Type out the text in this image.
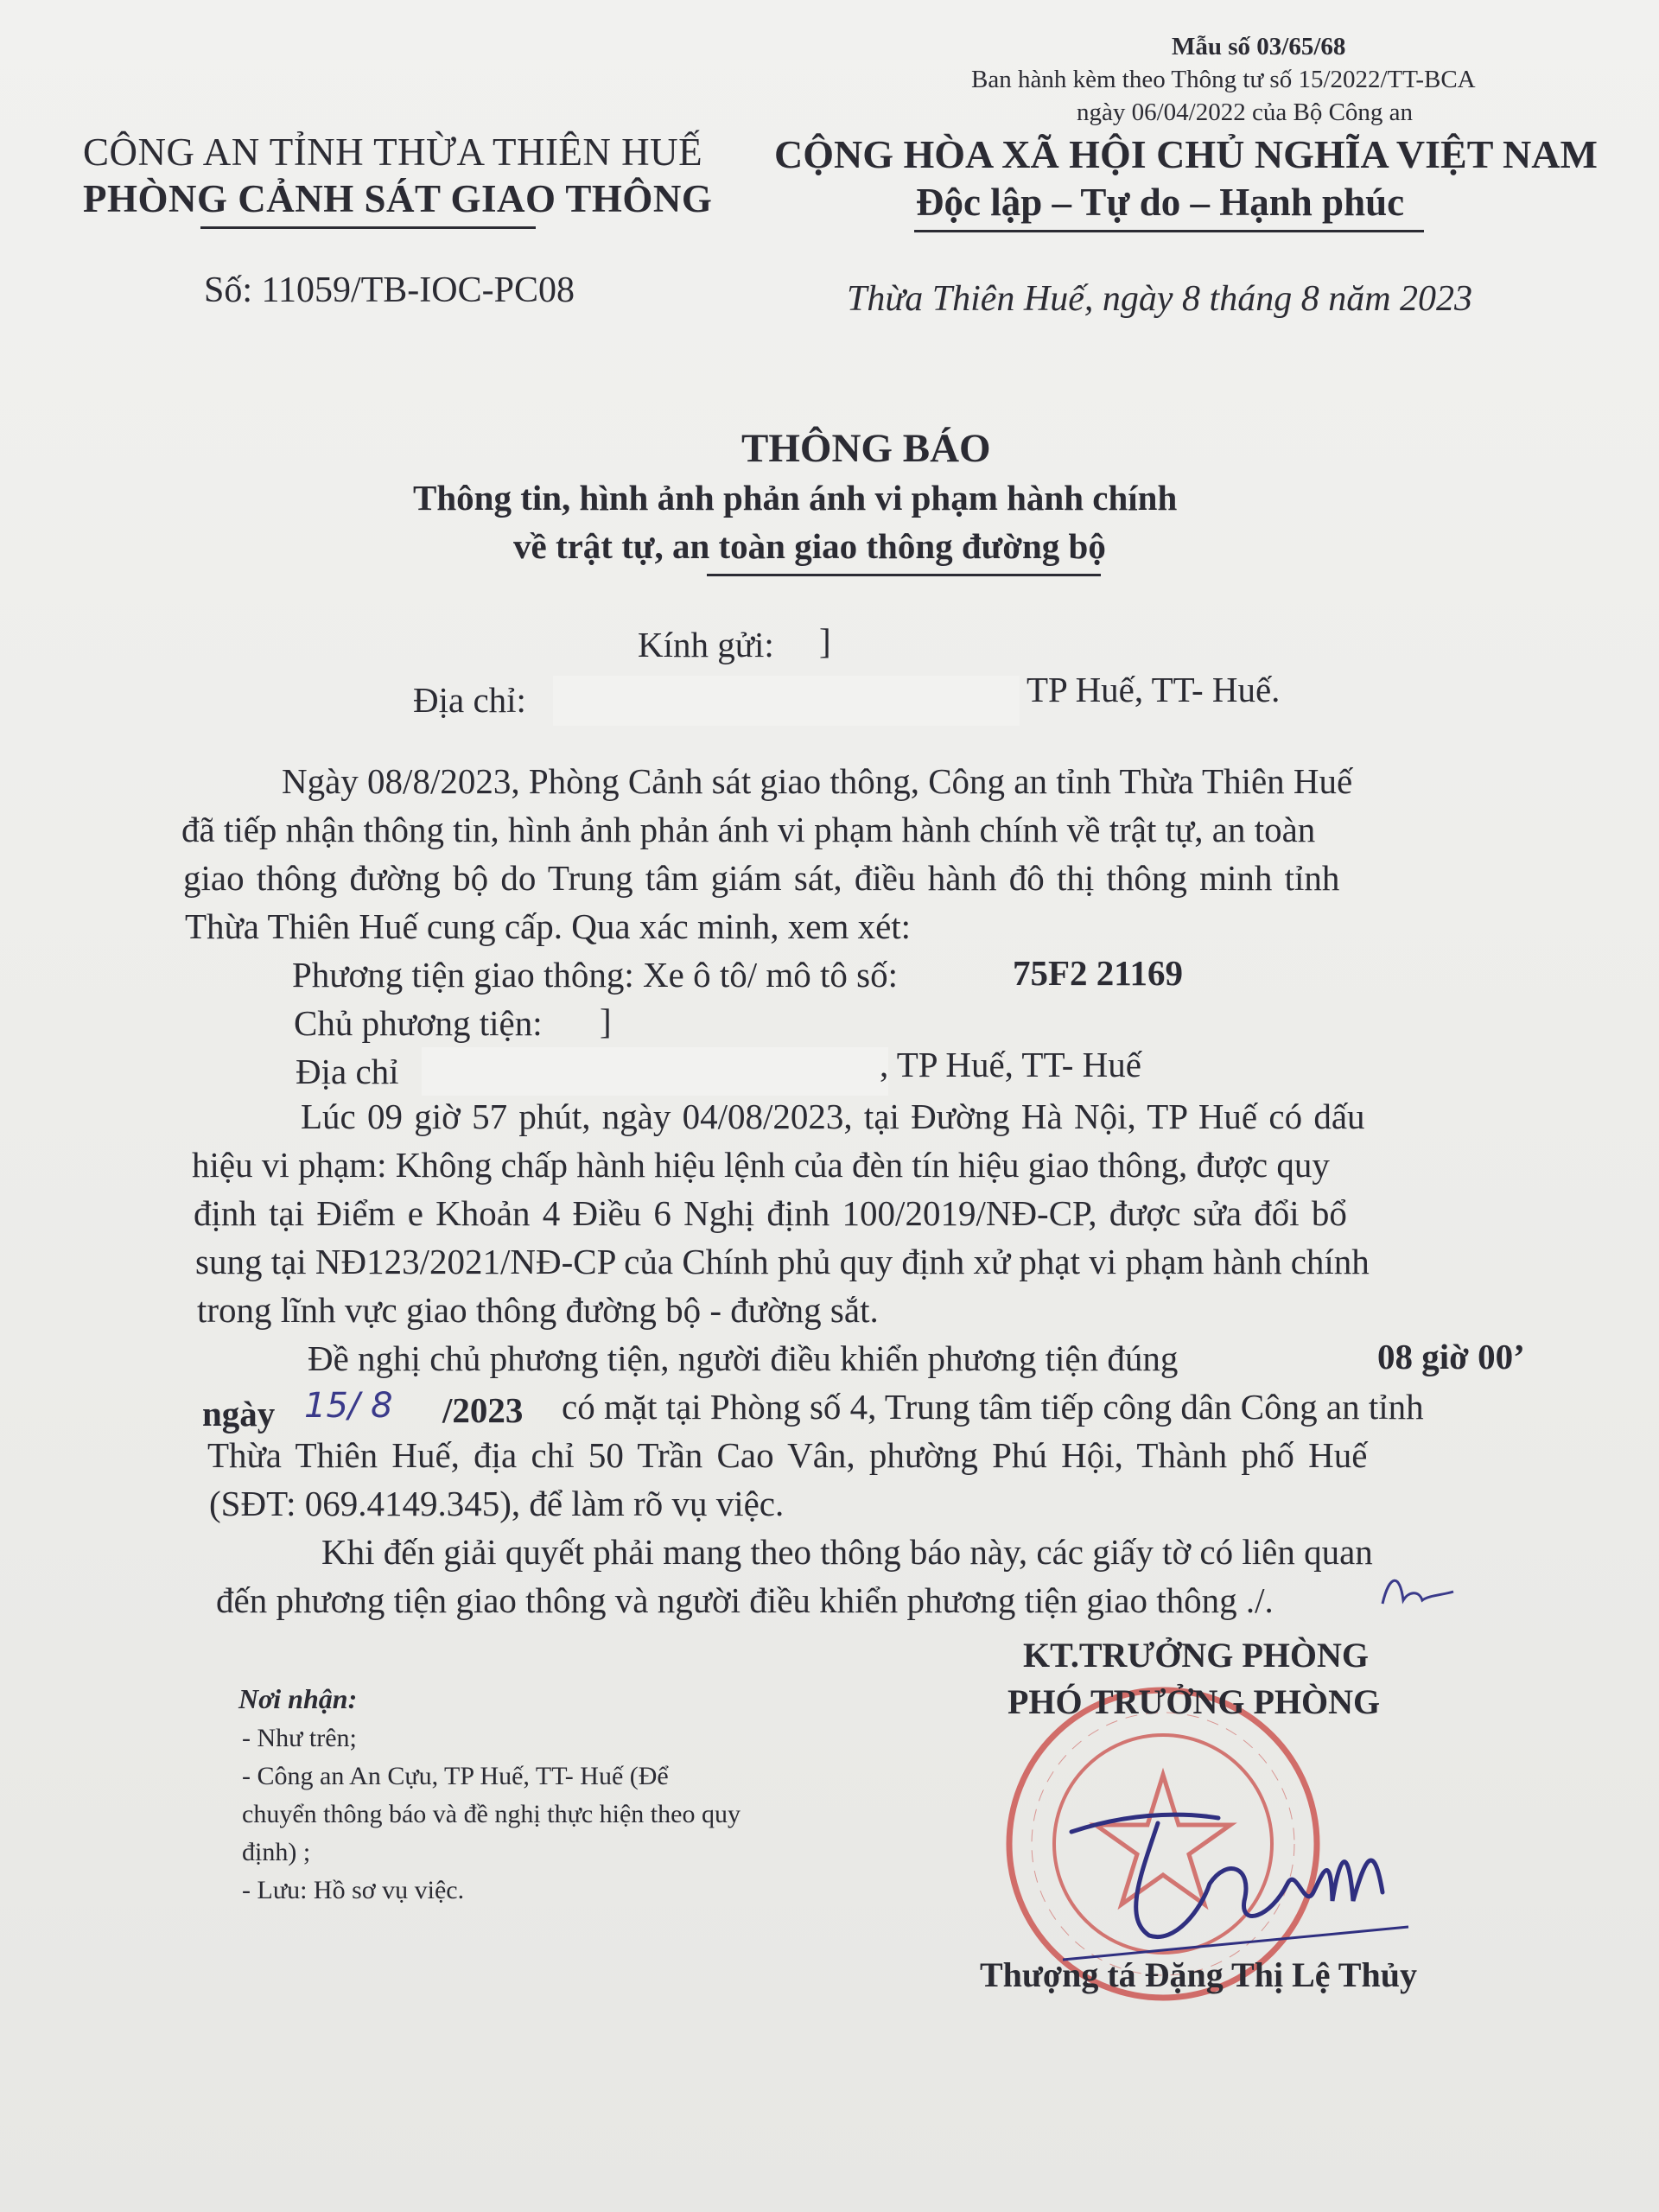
Mẫu số 03/65/68
Ban hành kèm theo Thông tư số 15/2022/TT-BCA
ngày 06/04/2022 của Bộ Công an
CÔNG AN TỈNH THỪA THIÊN HUẾ
PHÒNG CẢNH SÁT GIAO THÔNG
Số: 11059/TB-IOC-PC08
CỘNG HÒA XÃ HỘI CHỦ NGHĨA VIỆT NAM
Độc lập – Tự do – Hạnh phúc
Thừa Thiên Huế, ngày 8 tháng 8 năm 2023
THÔNG BÁO
Thông tin, hình ảnh phản ánh vi phạm hành chính
về trật tự, an toàn giao thông đường bộ
Kính gửi: ]
Địa chỉ:	TP Huế, TT- Huế.
Ngày 08/8/2023, Phòng Cảnh sát giao thông, Công an tỉnh Thừa Thiên Huế
đã tiếp nhận thông tin, hình ảnh phản ánh vi phạm hành chính về trật tự, an toàn
giao thông đường bộ do Trung tâm giám sát, điều hành đô thị thông minh tỉnh
Thừa Thiên Huế cung cấp. Qua xác minh, xem xét:
Phương tiện giao thông: Xe ô tô/ mô tô số:	75F2 21169
Chủ phương tiện: ]
Địa chỉ	, TP Huế, TT- Huế
Lúc 09 giờ 57 phút, ngày 04/08/2023, tại Đường Hà Nội, TP Huế có dấu
hiệu vi phạm: Không chấp hành hiệu lệnh của đèn tín hiệu giao thông, được quy
định tại Điểm e Khoản 4 Điều 6 Nghị định 100/2019/NĐ-CP, được sửa đổi bổ
sung tại NĐ123/2021/NĐ-CP của Chính phủ quy định xử phạt vi phạm hành chính
trong lĩnh vực giao thông đường bộ - đường sắt.
Đề nghị chủ phương tiện, người điều khiển phương tiện đúng	08 giờ 00’
ngày 15/ 8 /2023 có mặt tại Phòng số 4, Trung tâm tiếp công dân Công an tỉnh
Thừa Thiên Huế, địa chỉ 50 Trần Cao Vân, phường Phú Hội, Thành phố Huế
(SĐT: 069.4149.345), để làm rõ vụ việc.
Khi đến giải quyết phải mang theo thông báo này, các giấy tờ có liên quan
đến phương tiện giao thông và người điều khiển phương tiện giao thông ./.
Nơi nhận:
- Như trên;
- Công an An Cựu, TP Huế, TT- Huế (Để
chuyển thông báo và đề nghị thực hiện theo quy
định) ;
- Lưu: Hồ sơ vụ việc.
KT.TRƯỞNG PHÒNG
PHÓ TRƯỞNG PHÒNG
Thượng tá Đặng Thị Lệ Thủy
